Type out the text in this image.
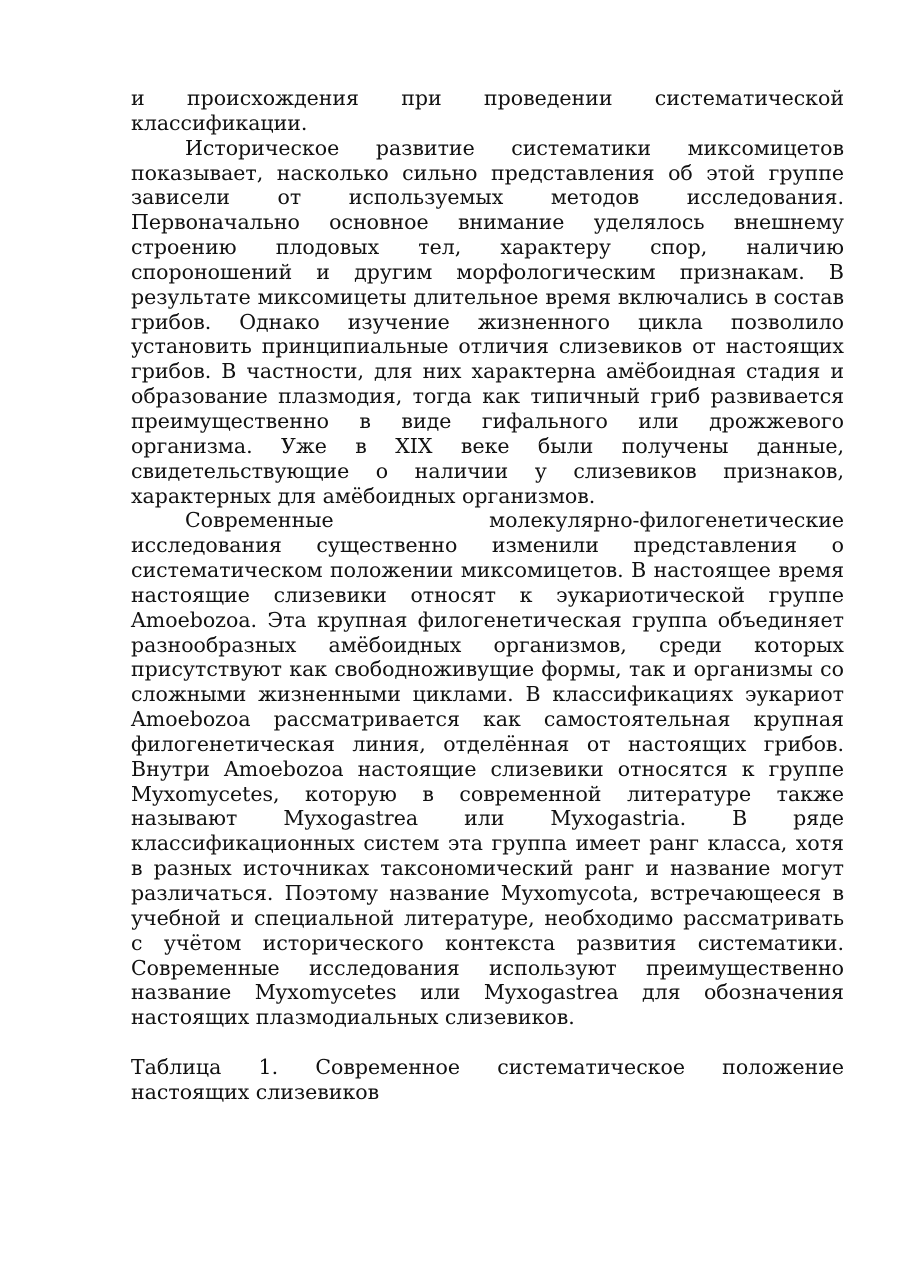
и происхождения при проведении систематической классификации.

Историческое развитие систематики миксомицетов показывает, насколько сильно представления об этой группе зависели от используемых методов исследования. Первоначально основное внимание уделялось внешнему строению плодовых тел, характеру спор, наличию спороношений и другим морфологическим признакам. В результате миксомицеты длительное время включались в состав грибов. Однако изучение жизненного цикла позволило установить принципиальные отличия слизевиков от настоящих грибов. В частности, для них характерна амёбоидная стадия и образование плазмодия, тогда как типичный гриб развивается преимущественно в виде гифального или дрожжевого организма. Уже в XIX веке были получены данные, свидетельствующие о наличии у слизевиков признаков, характерных для амёбоидных организмов.

Современные молекулярно-филогенетические исследования существенно изменили представления о систематическом положении миксомицетов. В настоящее время настоящие слизевики относят к эукариотической группе Amoebozoa. Эта крупная филогенетическая группа объединяет разнообразных амёбоидных организмов, среди которых присутствуют как свободноживущие формы, так и организмы со сложными жизненными циклами. В классификациях эукариот Amoebozoa рассматривается как самостоятельная крупная филогенетическая линия, отделённая от настоящих грибов. Внутри Amoebozoa настоящие слизевики относятся к группе Myxomycetes, которую в современной литературе также называют Myxogastrea или Myxogastria. В ряде классификационных систем эта группа имеет ранг класса, хотя в разных источниках таксономический ранг и название могут различаться. Поэтому название Myxomycota, встречающееся в учебной и специальной литературе, необходимо рассматривать с учётом исторического контекста развития систематики. Современные исследования используют преимущественно название Myxomycetes или Myxogastrea для обозначения настоящих плазмодиальных слизевиков.

Таблица 1. Современное систематическое положение настоящих слизевиков
